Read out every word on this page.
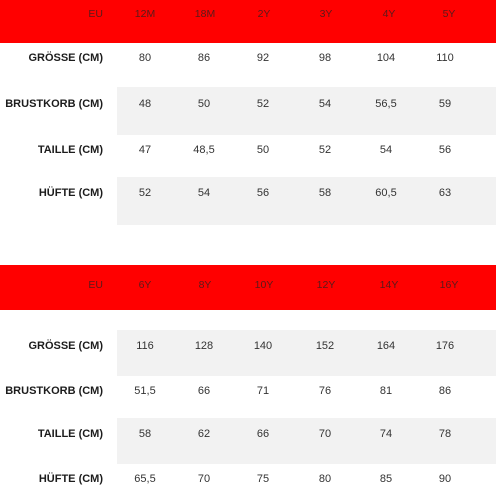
EU	12M	18M	2Y	3Y	4Y	5Y
GRÖSSE (CM)	80	86	92	98	104	110
BRUSTKORB (CM)	48	50	52	54	56,5	59
TAILLE (CM)	47	48,5	50	52	54	56
HÜFTE (CM)	52	54	56	58	60,5	63
EU	6Y	8Y	10Y	12Y	14Y	16Y
GRÖSSE (CM)	116	128	140	152	164	176
BRUSTKORB (CM)	51,5	66	71	76	81	86
TAILLE (CM)	58	62	66	70	74	78
HÜFTE (CM)	65,5	70	75	80	85	90
